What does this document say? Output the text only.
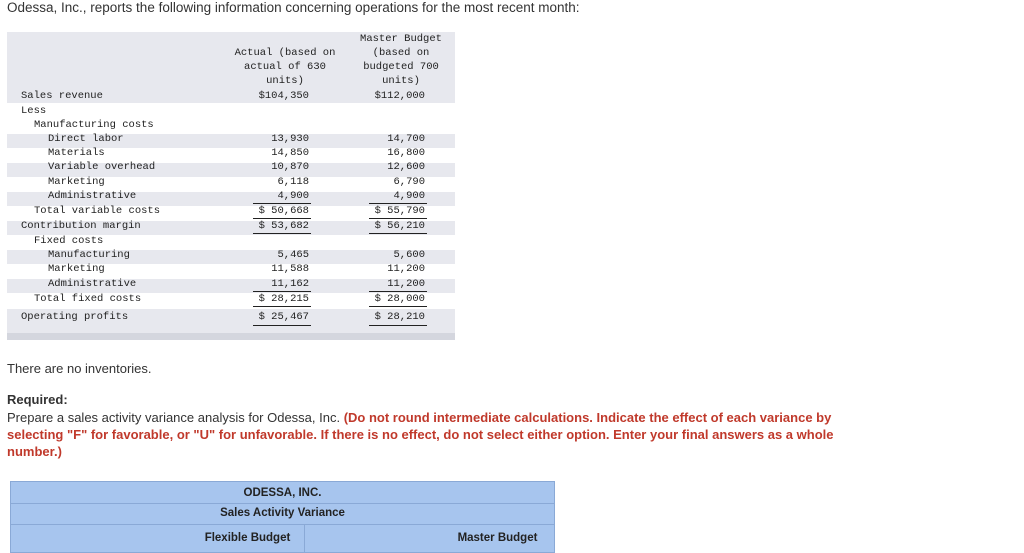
Odessa, Inc., reports the following information concerning operations for the most recent month:
Actual (based on
actual of 630
units)
Master Budget
(based on
budgeted 700
units)
Sales revenue	$104,350	$112,000
Less
Manufacturing costs
Direct labor	13,930	14,700
Materials	14,850	16,800
Variable overhead	10,870	12,600
Marketing	6,118	6,790
Administrative	4,900	4,900
Total variable costs	$ 50,668	$ 55,790
Contribution margin	$ 53,682	$ 56,210
Fixed costs
Manufacturing	5,465	5,600
Marketing	11,588	11,200
Administrative	11,162	11,200
Total fixed costs	$ 28,215	$ 28,000
Operating profits	$ 25,467	$ 28,210
There are no inventories.
Required:
Prepare a sales activity variance analysis for Odessa, Inc. (Do not round intermediate calculations. Indicate the effect of each variance by selecting "F" for favorable, or "U" for unfavorable. If there is no effect, do not select either option. Enter your final answers as a whole number.)
ODESSA, INC.
Sales Activity Variance
Flexible Budget	Master Budget
